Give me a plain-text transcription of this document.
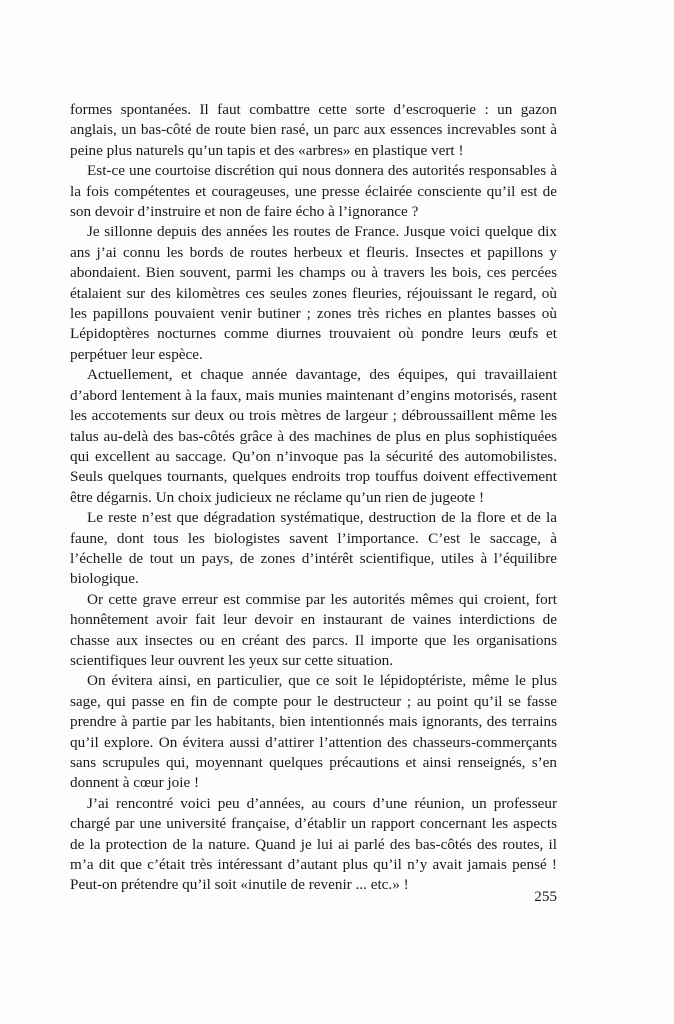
formes spontanées. Il faut combattre cette sorte d’escroquerie : un gazon anglais, un bas-côté de route bien rasé, un parc aux essences increvables sont à peine plus naturels qu’un tapis et des «arbres» en plastique vert !

Est-ce une courtoise discrétion qui nous donnera des autorités responsables à la fois compétentes et courageuses, une presse éclairée consciente qu’il est de son devoir d’instruire et non de faire écho à l’ignorance ?

Je sillonne depuis des années les routes de France. Jusque voici quelque dix ans j’ai connu les bords de routes herbeux et fleuris. Insectes et papillons y abondaient. Bien souvent, parmi les champs ou à travers les bois, ces percées étalaient sur des kilomètres ces seules zones fleuries, réjouissant le regard, où les papillons pouvaient venir butiner ; zones très riches en plantes basses où Lépidoptères nocturnes comme diurnes trouvaient où pondre leurs œufs et perpétuer leur espèce.

Actuellement, et chaque année davantage, des équipes, qui travaillaient d’abord lentement à la faux, mais munies maintenant d’engins motorisés, rasent les accotements sur deux ou trois mètres de largeur ; débroussaillent même les talus au-delà des bas-côtés grâce à des machines de plus en plus sophistiquées qui excellent au saccage. Qu’on n’invoque pas la sécurité des automobilistes. Seuls quelques tournants, quelques endroits trop touffus doivent effectivement être dégarnis. Un choix judicieux ne réclame qu’un rien de jugeote !

Le reste n’est que dégradation systématique, destruction de la flore et de la faune, dont tous les biologistes savent l’importance. C’est le saccage, à l’échelle de tout un pays, de zones d’intérêt scientifique, utiles à l’équilibre biologique.

Or cette grave erreur est commise par les autorités mêmes qui croient, fort honnêtement avoir fait leur devoir en instaurant de vaines interdictions de chasse aux insectes ou en créant des parcs. Il importe que les organisations scientifiques leur ouvrent les yeux sur cette situation.

On évitera ainsi, en particulier, que ce soit le lépidoptériste, même le plus sage, qui passe en fin de compte pour le destructeur ; au point qu’il se fasse prendre à partie par les habitants, bien intentionnés mais ignorants, des terrains qu’il explore. On évitera aussi d’attirer l’attention des chasseurs-commerçants sans scrupules qui, moyennant quelques précautions et ainsi renseignés, s’en donnent à cœur joie !

J’ai rencontré voici peu d’années, au cours d’une réunion, un professeur chargé par une université française, d’établir un rapport concernant les aspects de la protection de la nature. Quand je lui ai parlé des bas-côtés des routes, il m’a dit que c’était très intéressant d’autant plus qu’il n’y avait jamais pensé ! Peut-on prétendre qu’il soit «inutile de revenir ... etc.» !

255
